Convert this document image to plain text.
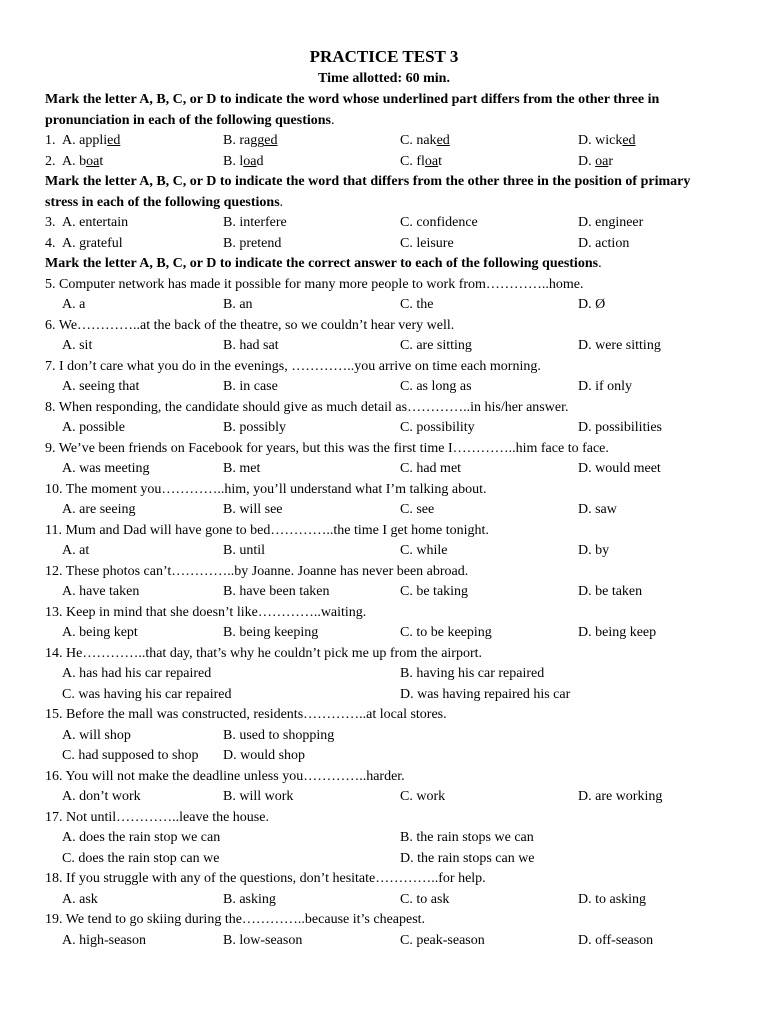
PRACTICE TEST 3
Time allotted: 60 min.
Mark the letter A, B, C, or D to indicate the word whose underlined part differs from the other three in pronunciation in each of the following questions.
1. A. applied	B. ragged	C. naked	D. wicked
2. A. boat	B. load	C. float	D. oar
Mark the letter A, B, C, or D to indicate the word that differs from the other three in the position of primary stress in each of the following questions.
3. A. entertain	B. interfere	C. confidence	D. engineer
4. A. grateful	B. pretend	C. leisure	D. action
Mark the letter A, B, C, or D to indicate the correct answer to each of the following questions.
5. Computer network has made it possible for many more people to work from…………..home.
A. a	B. an	C. the	D. Ø
6. We…………..at the back of the theatre, so we couldn’t hear very well.
A. sit	B. had sat	C. are sitting	D. were sitting
7. I don’t care what you do in the evenings, …………..you arrive on time each morning.
A. seeing that	B. in case	C. as long as	D. if only
8. When responding, the candidate should give as much detail as…………..in his/her answer.
A. possible	B. possibly	C. possibility	D. possibilities
9. We’ve been friends on Facebook for years, but this was the first time I…………..him face to face.
A. was meeting	B. met	C. had met	D. would meet
10. The moment you…………..him, you’ll understand what I’m talking about.
A. are seeing	B. will see	C. see	D. saw
11. Mum and Dad will have gone to bed…………..the time I get home tonight.
A. at	B. until	C. while	D. by
12. These photos can’t…………..by Joanne. Joanne has never been abroad.
A. have taken	B. have been taken	C. be taking	D. be taken
13. Keep in mind that she doesn’t like…………..waiting.
A. being kept	B. being keeping	C. to be keeping	D. being keep
14. He…………..that day, that’s why he couldn’t pick me up from the airport.
A. has had his car repaired	B. having his car repaired
C. was having his car repaired	D. was having repaired his car
15. Before the mall was constructed, residents…………..at local stores.
A. will shop	B. used to shopping
C. had supposed to shop D. would shop
16. You will not make the deadline unless you…………..harder.
A. don’t work	B. will work	C. work	D. are working
17. Not until…………..leave the house.
A. does the rain stop we can	B. the rain stops we can
C. does the rain stop can we	D. the rain stops can we
18. If you struggle with any of the questions, don’t hesitate…………..for help.
A. ask	B. asking	C. to ask	D. to asking
19. We tend to go skiing during the…………..because it’s cheapest.
A. high-season	B. low-season	C. peak-season	D. off-season
